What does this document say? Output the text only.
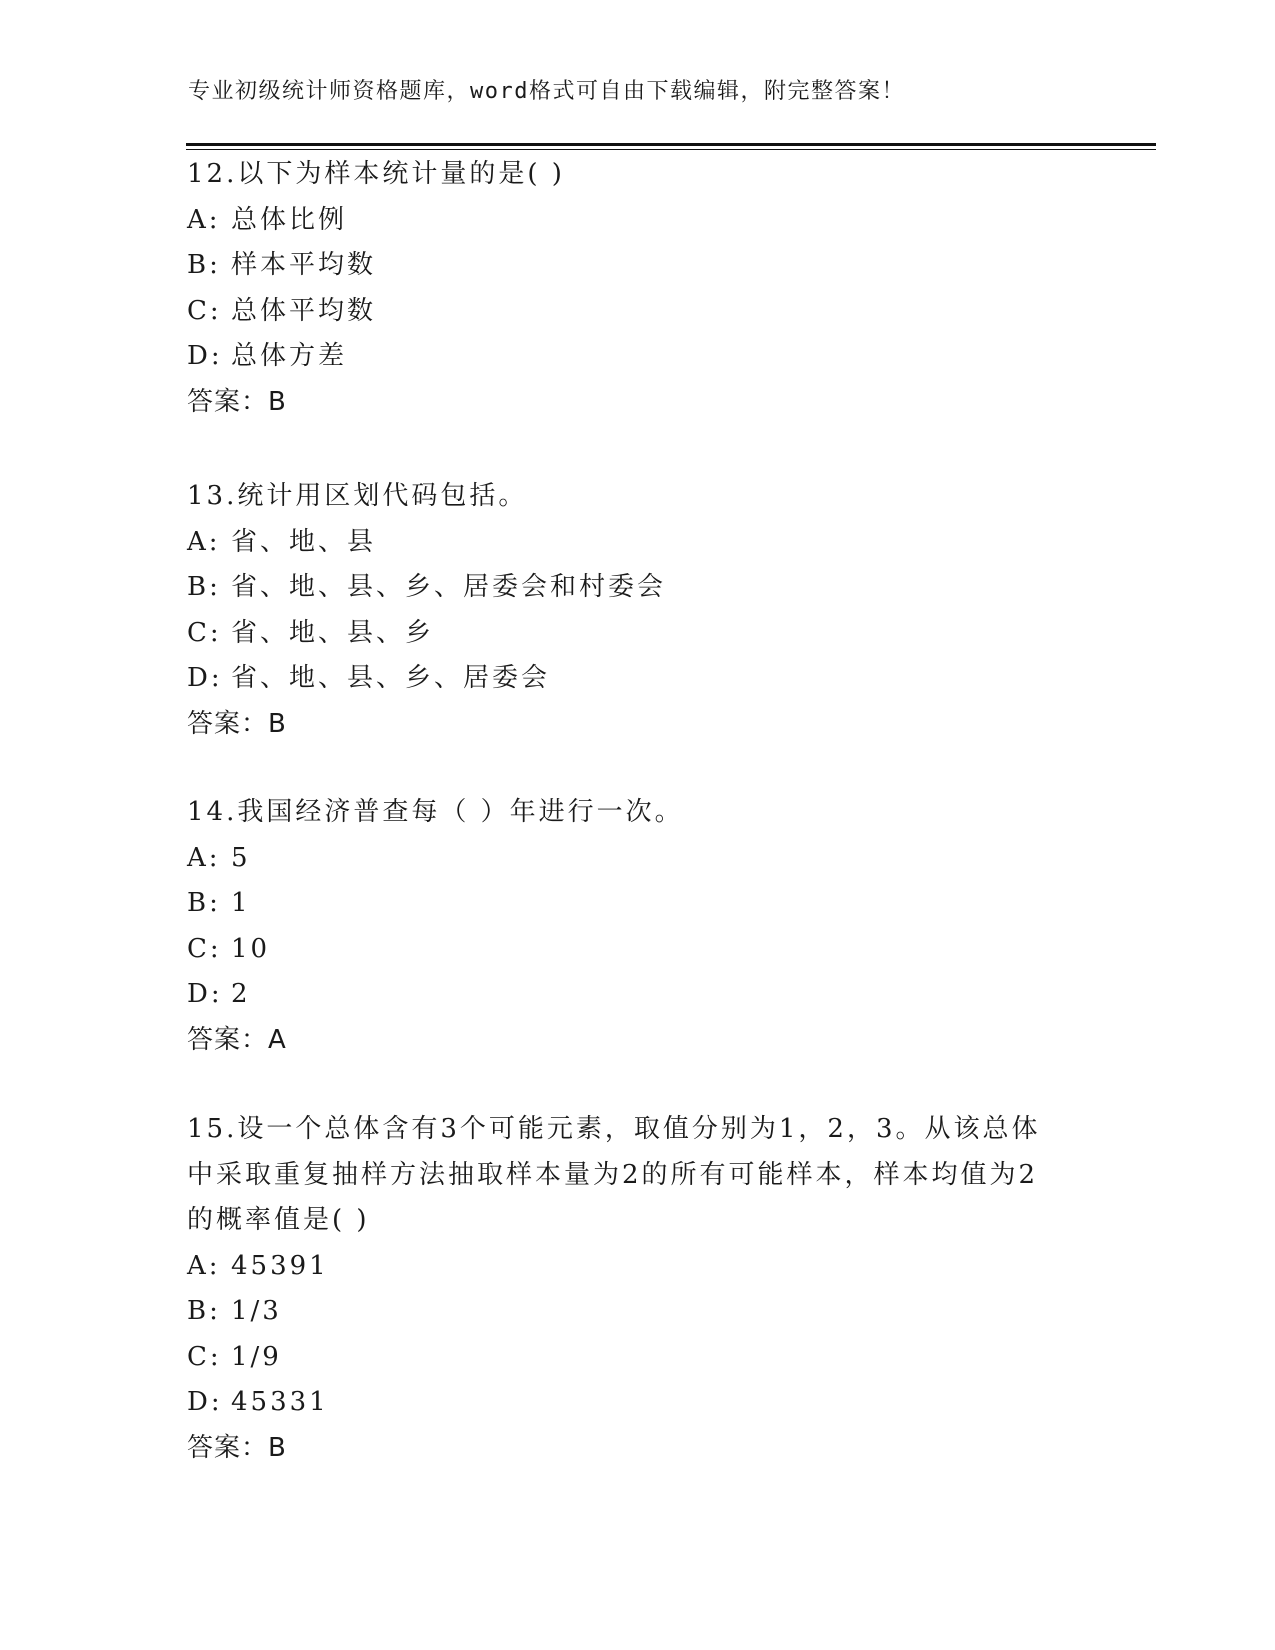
专业初级统计师资格题库，word格式可自由下载编辑，附完整答案！
12.以下为样本统计量的是( )
A: 总体比例
B: 样本平均数
C: 总体平均数
D: 总体方差
答案：B
13.统计用区划代码包括。
A: 省、地、县
B: 省、地、县、乡、居委会和村委会
C: 省、地、县、乡
D: 省、地、县、乡、居委会
答案：B
14.我国经济普查每（ ）年进行一次。
A: 5
B: 1
C: 10
D: 2
答案：A
15.设一个总体含有3个可能元素，取值分别为1，2，3。从该总体中采取重复抽样方法抽取样本量为2的所有可能样本，样本均值为2的概率值是( )
A: 45391
B: 1/3
C: 1/9
D: 45331
答案：B
